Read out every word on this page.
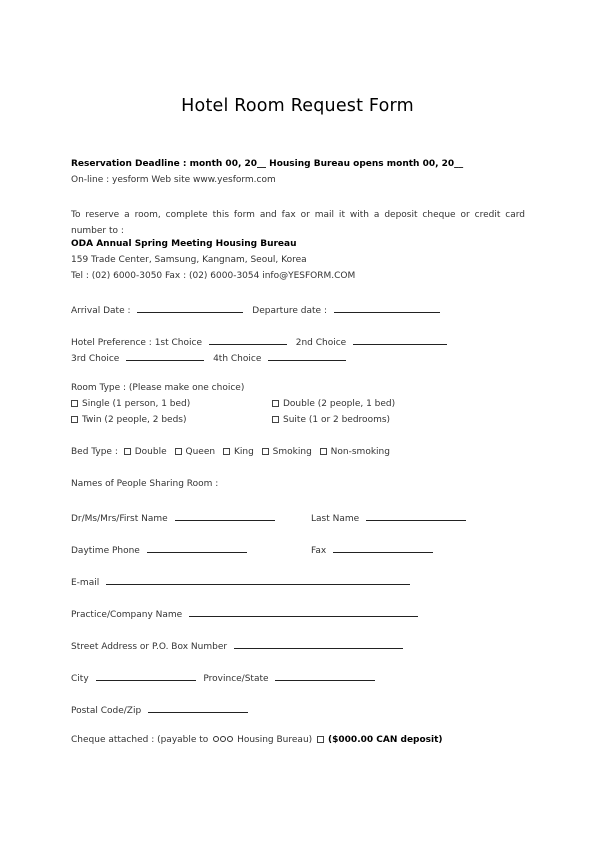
Hotel Room Request Form
Reservation Deadline : month 00, 20__ Housing Bureau opens month 00, 20__
On-line : yesform Web site www.yesform.com
To reserve a room, complete this form and fax or mail it with a deposit cheque or credit card number to :
ODA Annual Spring Meeting Housing Bureau
159 Trade Center, Samsung, Kangnam, Seoul, Korea
Tel : (02) 6000-3050 Fax : (02) 6000-3054 info@YESFORM.COM
Arrival Date :	Departure date :
Hotel Preference : 1st Choice	2nd Choice
3rd Choice	4th Choice
Room Type : (Please make one choice)
Single (1 person, 1 bed)	Double (2 people, 1 bed)
Twin (2 people, 2 beds)	Suite (1 or 2 bedrooms)
Bed Type : Double Queen King Smoking Non-smoking
Names of People Sharing Room :
Dr/Ms/Mrs/First Name	Last Name
Daytime Phone	Fax
E-mail
Practice/Company Name
Street Address or P.O. Box Number
City	Province/State
Postal Code/Zip
Cheque attached : (payable to	Housing Bureau) ($000.00 CAN deposit)
